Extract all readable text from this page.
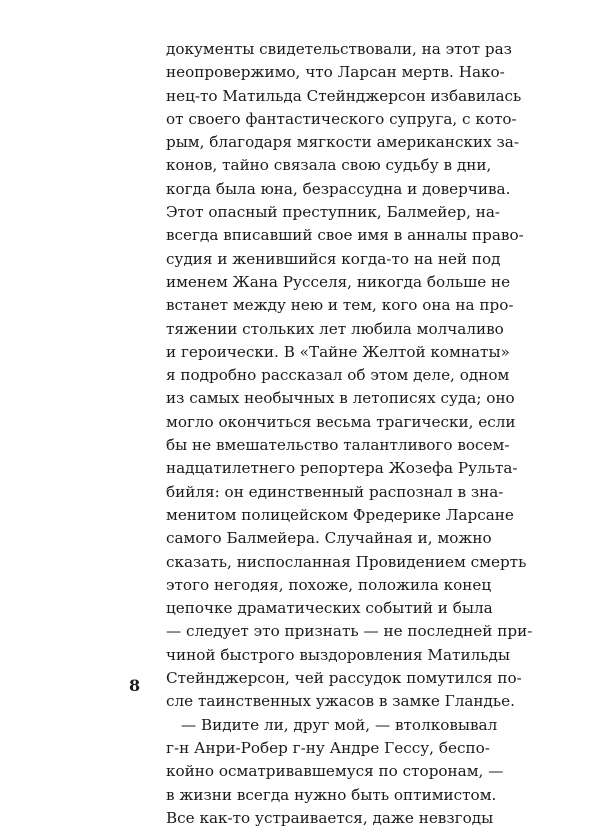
документы свидетельствовали, на этот раз
неопровержимо, что Ларсан мертв. Нако-
нец-то Матильда Стейнджерсон избавилась
от своего фантастического супруга, с кото-
рым, благодаря мягкости американских за-
конов, тайно связала свою судьбу в дни,
когда была юна, безрассудна и доверчива.
Этот опасный преступник, Балмейер, на-
всегда вписавший свое имя в анналы право-
судия и женившийся когда-то на ней под
именем Жана Русселя, никогда больше не
встанет между нею и тем, кого она на про-
тяжении стольких лет любила молчаливо
и героически. В «Тайне Желтой комнаты»
я подробно рассказал об этом деле, одном
из самых необычных в летописях суда; оно
могло окончиться весьма трагически, если
бы не вмешательство талантливого восем-
надцатилетнего репортера Жозефа Рульта-
бийля: он единственный распознал в зна-
менитом полицейском Фредерике Ларсане
самого Балмейера. Случайная и, можно
сказать, ниспосланная Провидением смерть
этого негодяя, похоже, положила конец
цепочке драматических событий и была
— следует это признать — не последней при-
чиной быстрого выздоровления Матильды
Стейнджерсон, чей рассудок помутился по-
сле таинственных ужасов в замке Гландье.
— Видите ли, друг мой, — втолковывал
г-н Анри-Робер г-ну Андре Гессу, беспо-
койно осматривавшемуся по сторонам, —
в жизни всегда нужно быть оптимистом.
Все как-то устраивается, даже невзгоды
8
